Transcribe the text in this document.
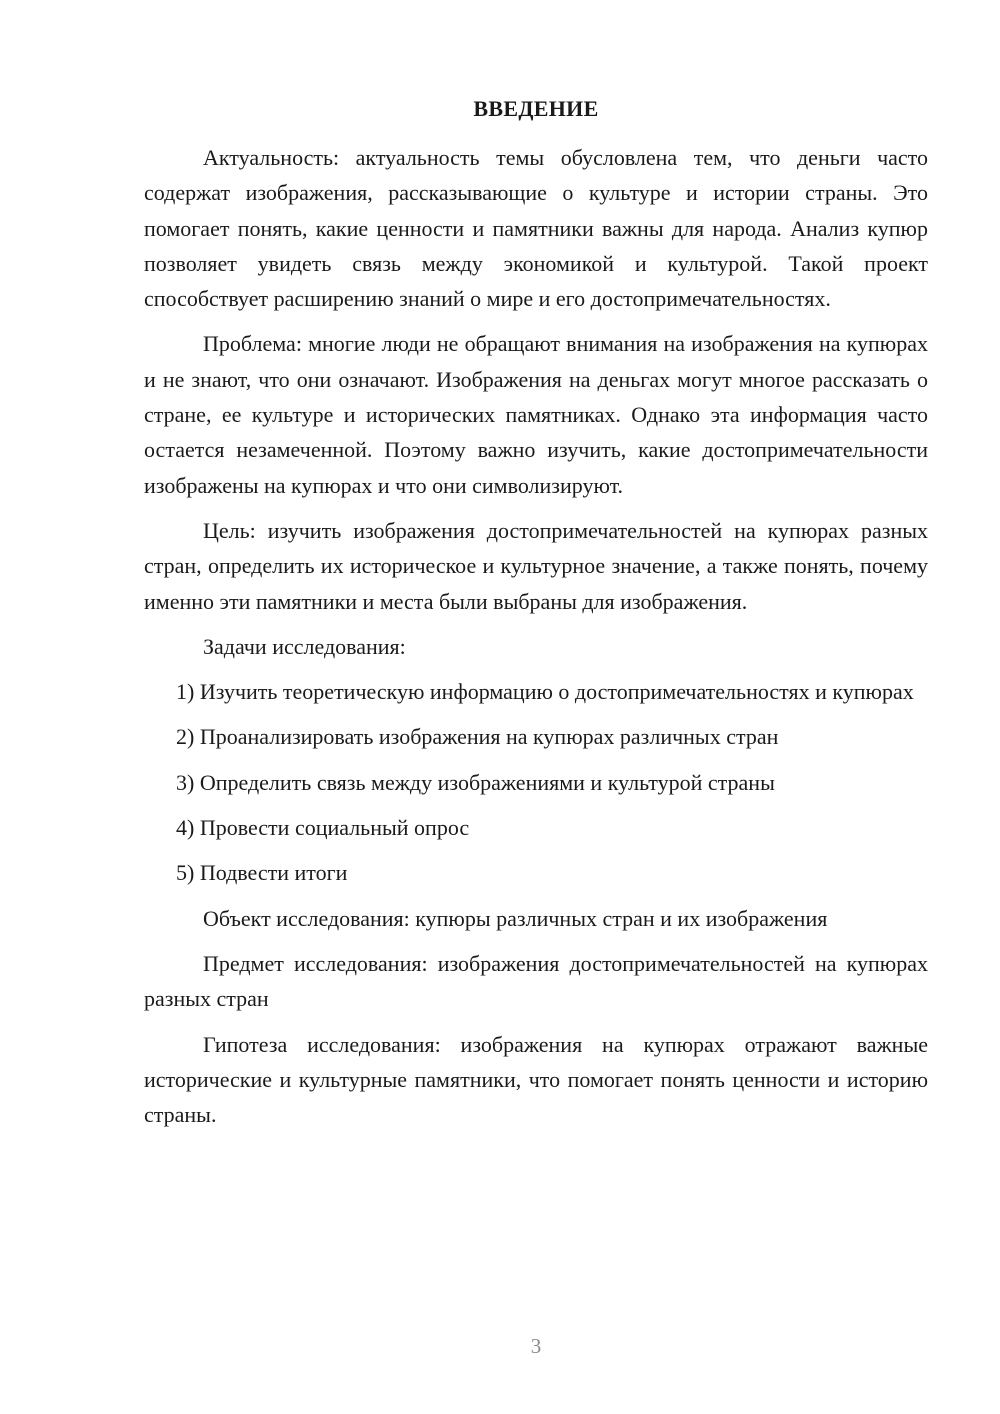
ВВЕДЕНИЕ

Актуальность: актуальность темы обусловлена тем, что деньги часто содержат изображения, рассказывающие о культуре и истории страны. Это помогает понять, какие ценности и памятники важны для народа. Анализ купюр позволяет увидеть связь между экономикой и культурой. Такой проект способствует расширению знаний о мире и его достопримечательностях.

Проблема: многие люди не обращают внимания на изображения на купюрах и не знают, что они означают. Изображения на деньгах могут многое рассказать о стране, ее культуре и исторических памятниках. Однако эта информация часто остается незамеченной. Поэтому важно изучить, какие достопримечательности изображены на купюрах и что они символизируют.

Цель: изучить изображения достопримечательностей на купюрах разных стран, определить их историческое и культурное значение, а также понять, почему именно эти памятники и места были выбраны для изображения.

Задачи исследования:

1) Изучить теоретическую информацию о достопримечательностях и купюрах

2) Проанализировать изображения на купюрах различных стран

3) Определить связь между изображениями и культурой страны

4) Провести социальный опрос

5) Подвести итоги

Объект исследования: купюры различных стран и их изображения

Предмет исследования: изображения достопримечательностей на купюрах разных стран

Гипотеза исследования: изображения на купюрах отражают важные исторические и культурные памятники, что помогает понять ценности и историю страны.

3
